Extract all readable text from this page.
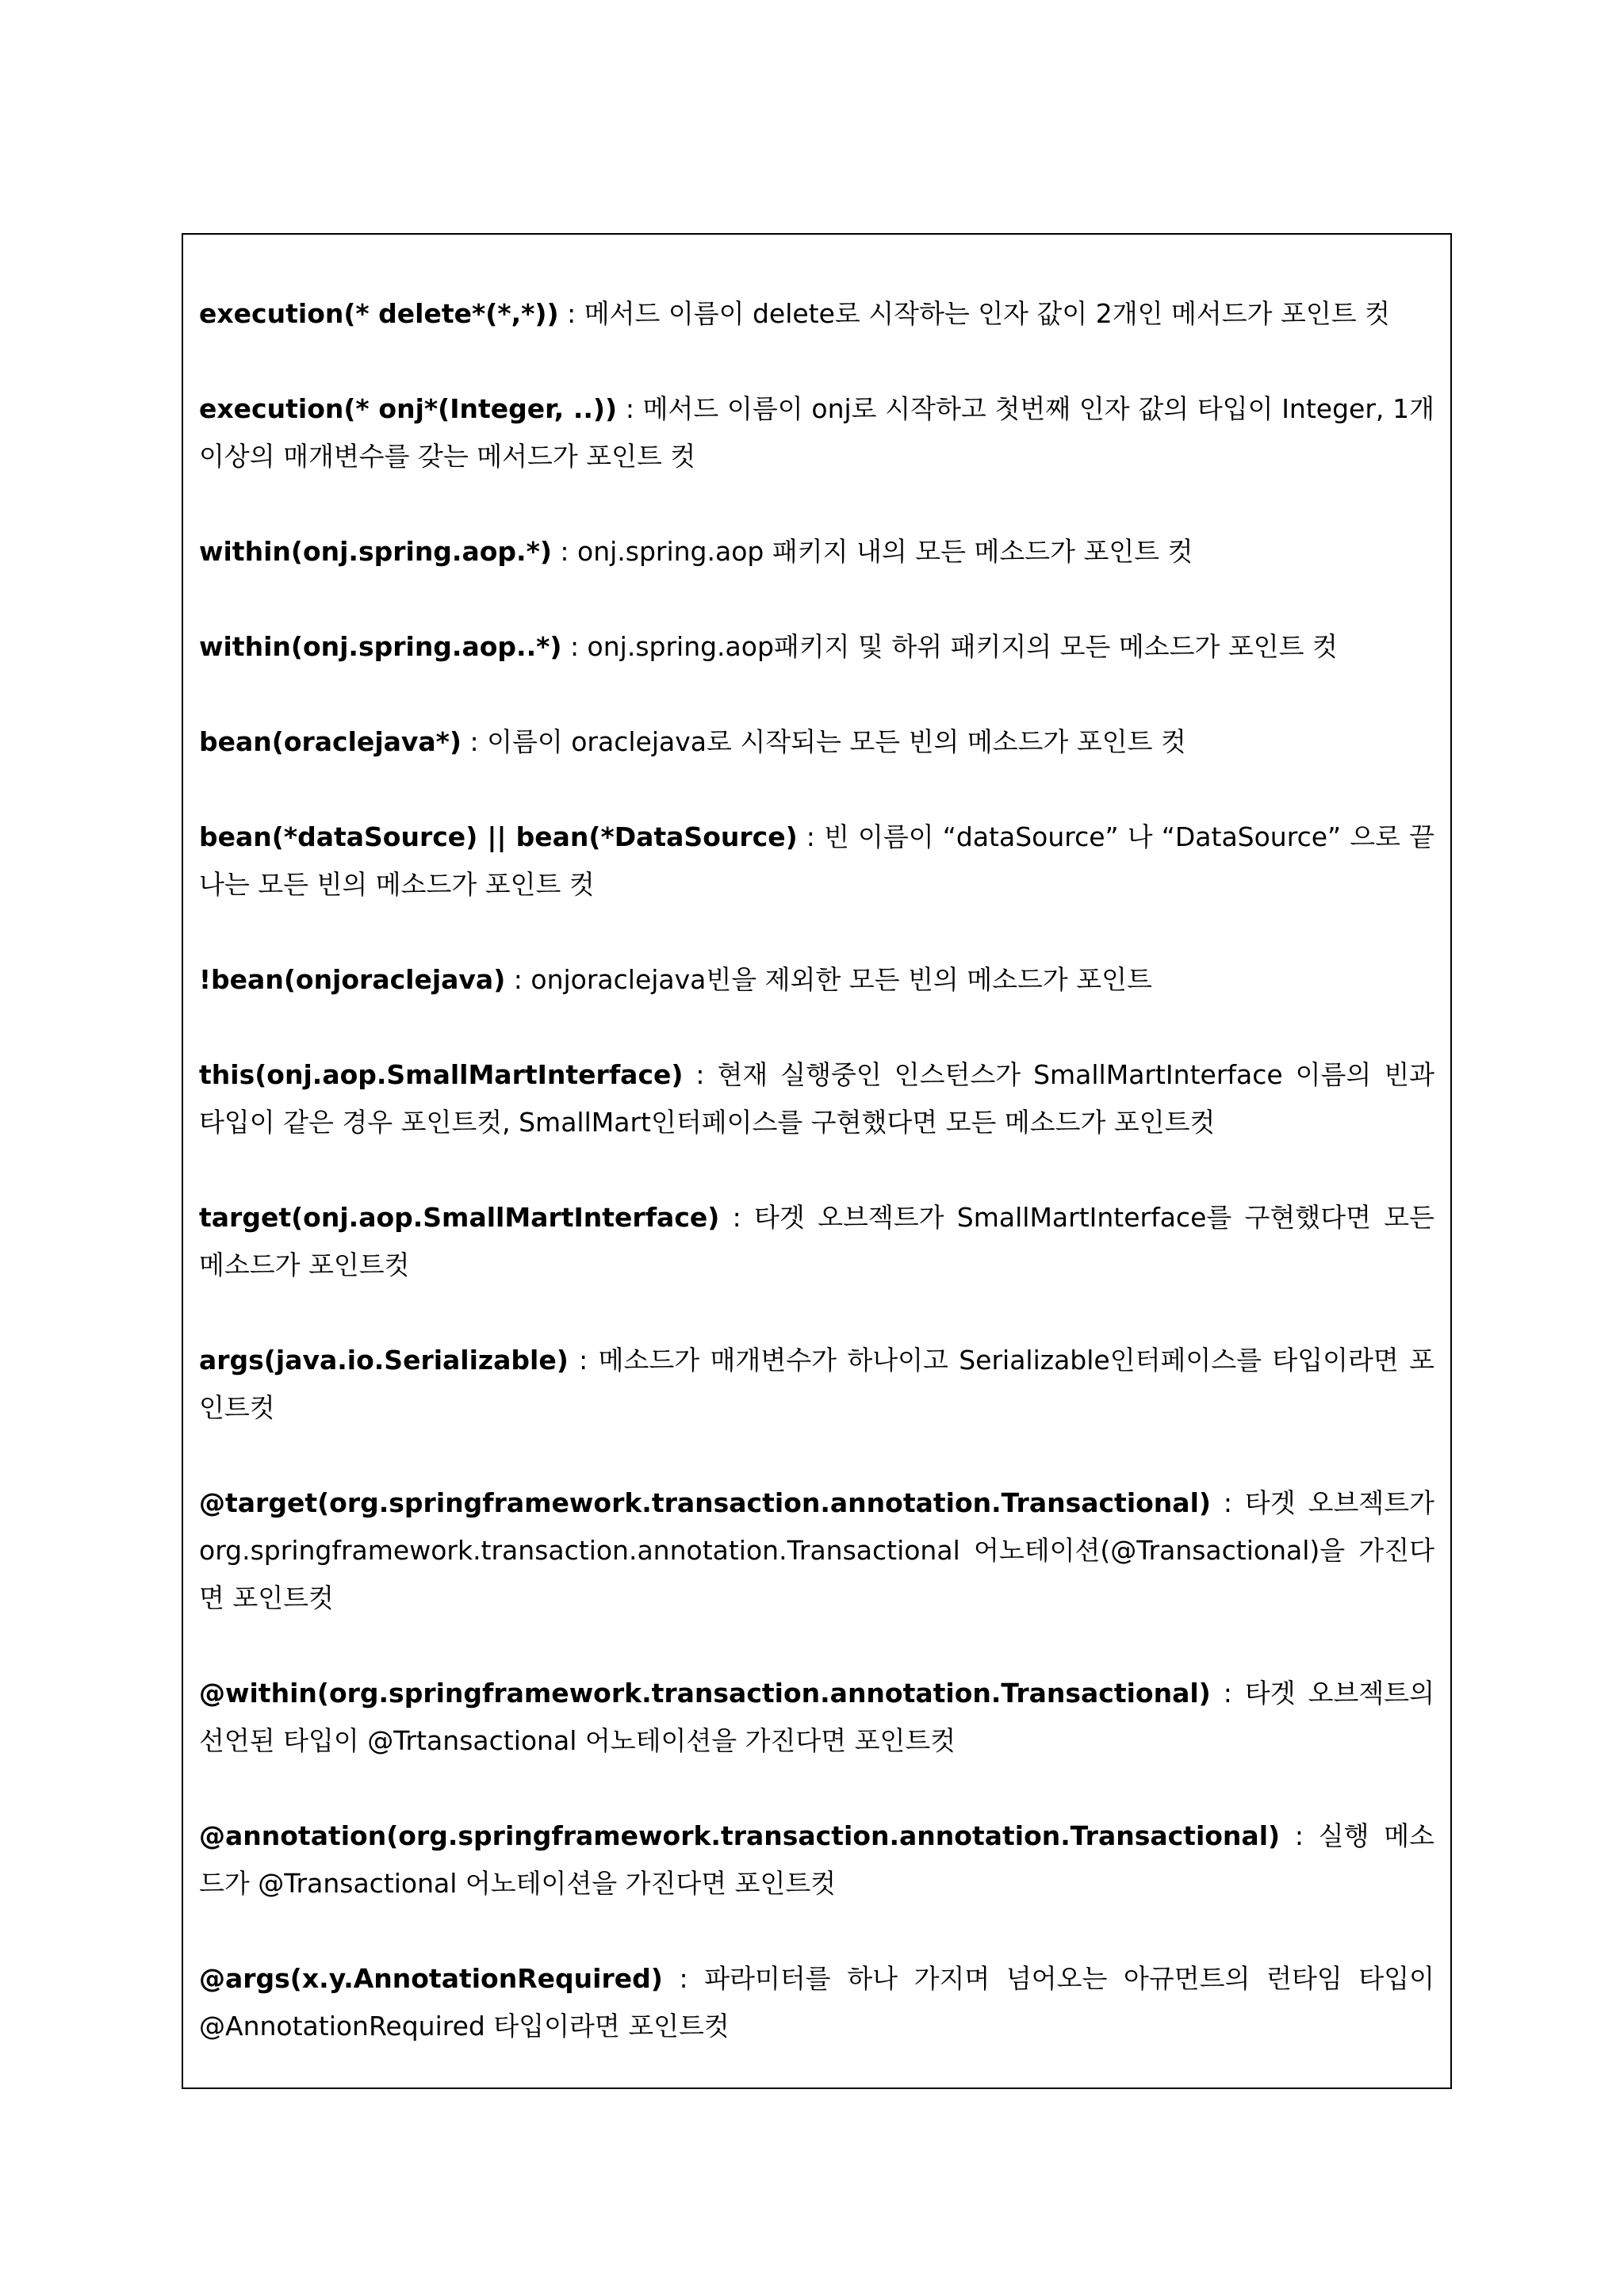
execution(* delete*(*,*)) : 메서드 이름이 delete로 시작하는 인자 값이 2개인 메서드가 포인트 컷

execution(* onj*(Integer, ..)) : 메서드 이름이 onj로 시작하고 첫번째 인자 값의 타입이 Integer, 1개 이상의 매개변수를 갖는 메서드가 포인트 컷

within(onj.spring.aop.*) : onj.spring.aop 패키지 내의 모든 메소드가 포인트 컷

within(onj.spring.aop..*) : onj.spring.aop패키지 및 하위 패키지의 모든 메소드가 포인트 컷

bean(oraclejava*) : 이름이 oraclejava로 시작되는 모든 빈의 메소드가 포인트 컷

bean(*dataSource) || bean(*DataSource) : 빈 이름이 “dataSource” 나 “DataSource” 으로 끝나는 모든 빈의 메소드가 포인트 컷

!bean(onjoraclejava) : onjoraclejava빈을 제외한 모든 빈의 메소드가 포인트

this(onj.aop.SmallMartInterface) : 현재 실행중인 인스턴스가 SmallMartInterface 이름의 빈과 타입이 같은 경우 포인트컷, SmallMart인터페이스를 구현했다면 모든 메소드가 포인트컷

target(onj.aop.SmallMartInterface) : 타겟 오브젝트가 SmallMartInterface를 구현했다면 모든 메소드가 포인트컷

args(java.io.Serializable) : 메소드가 매개변수가 하나이고 Serializable인터페이스를 타입이라면 포인트컷

@target(org.springframework.transaction.annotation.Transactional) : 타겟 오브젝트가 org.springframework.transaction.annotation.Transactional 어노테이션(@Transactional)을 가진다면 포인트컷

@within(org.springframework.transaction.annotation.Transactional) : 타겟 오브젝트의 선언된 타입이 @Trtansactional 어노테이션을 가진다면 포인트컷

@annotation(org.springframework.transaction.annotation.Transactional) : 실행 메소드가 @Transactional 어노테이션을 가진다면 포인트컷

@args(x.y.AnnotationRequired) : 파라미터를 하나 가지며 넘어오는 아규먼트의 런타임 타입이 @AnnotationRequired 타입이라면 포인트컷
